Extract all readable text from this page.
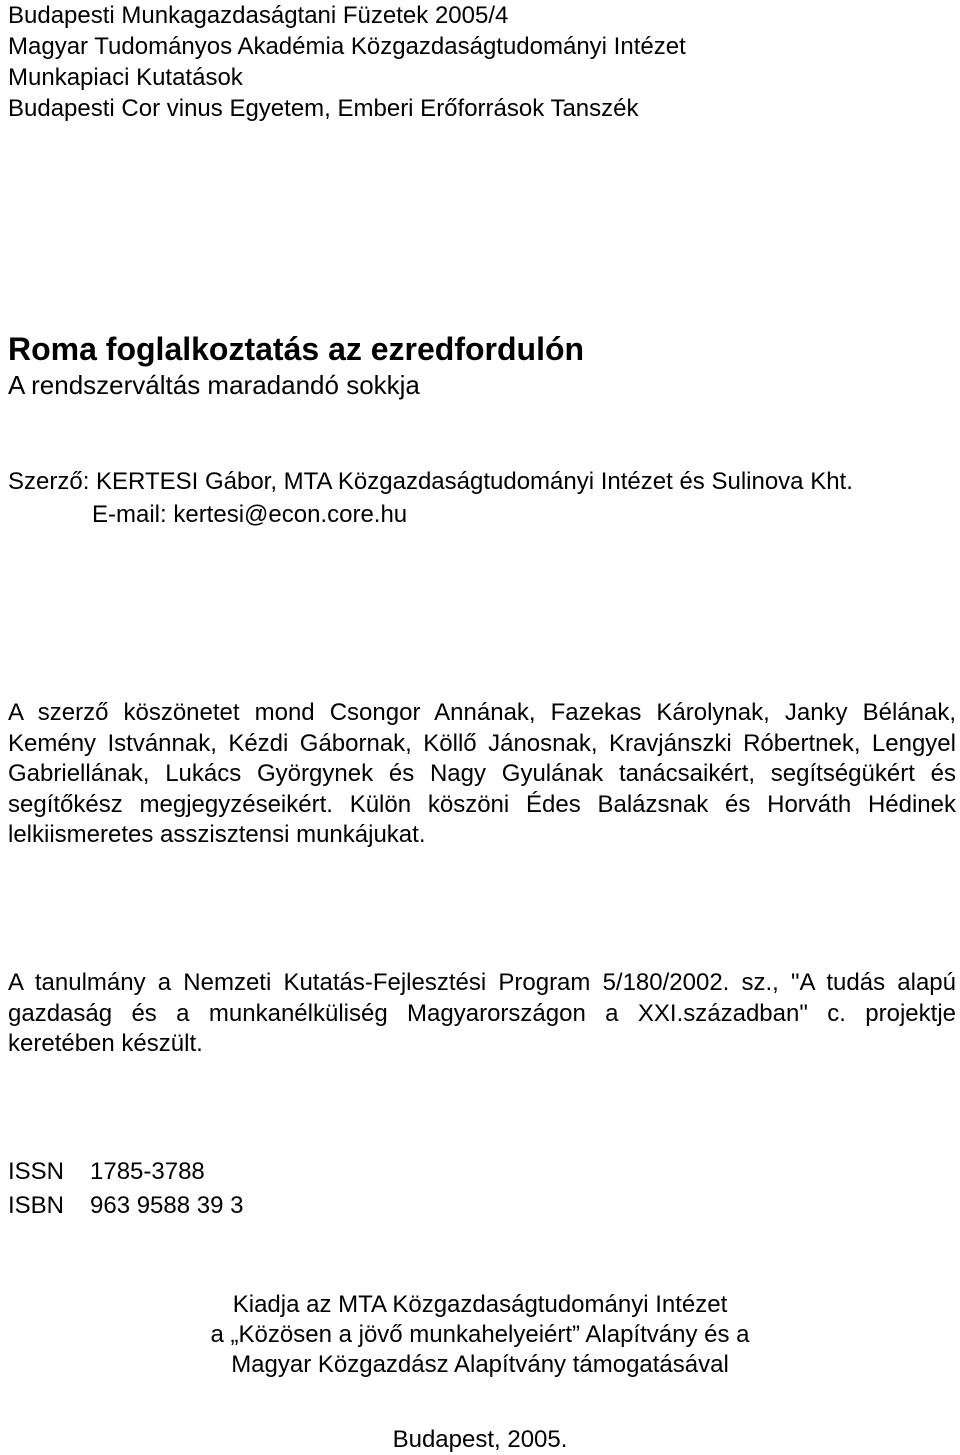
Budapesti Munkagazdaságtani Füzetek 2005/4
Magyar Tudományos Akadémia Közgazdaságtudományi Intézet
Munkapiaci Kutatások
Budapesti Cor vinus Egyetem, Emberi Erőforrások Tanszék
Roma foglalkoztatás az ezredfordulón
A rendszerváltás maradandó sokkja
Szerző: KERTESI Gábor, MTA Közgazdaságtudományi Intézet és Sulinova Kht.
E-mail: kertesi@econ.core.hu
A szerző köszönetet mond Csongor Annának, Fazekas Károlynak, Janky Bélának, Kemény Istvánnak, Kézdi Gábornak, Köllő Jánosnak, Kravjánszki Róbertnek, Lengyel Gabriellának, Lukács Györgynek és Nagy Gyulának tanácsaikért, segítségükért és segítőkész megjegyzéseikért. Külön köszöni Édes Balázsnak és Horváth Hédinek lelkiismeretes asszisztensi munkájukat.
A tanulmány a Nemzeti Kutatás-Fejlesztési Program 5/180/2002. sz., "A tudás alapú gazdaság és a munkanélküliség Magyarországon a XXI.században" c. projektje keretében készült.
ISSN 1785-3788
ISBN 963 9588 39 3
Kiadja az MTA Közgazdaságtudományi Intézet
a „Közösen a jövő munkahelyeiért” Alapítvány és a
Magyar Közgazdász Alapítvány támogatásával
Budapest, 2005.
